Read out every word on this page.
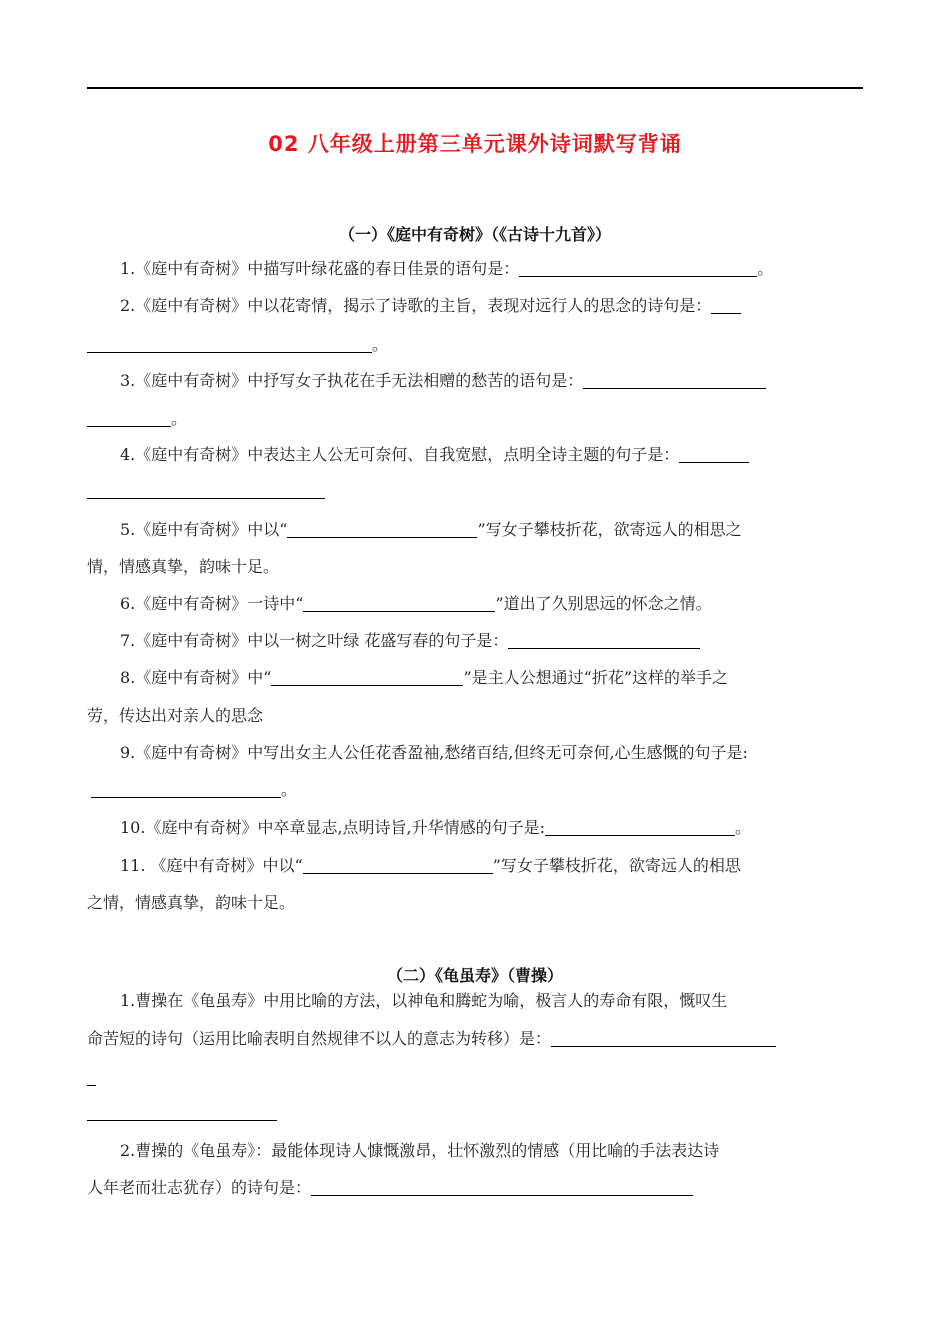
02 八年级上册第三单元课外诗词默写背诵
（一）《庭中有奇树》（《古诗十九首》）
1.《庭中有奇树》中描写叶绿花盛的春日佳景的语句是：	。
2.《庭中有奇树》中以花寄情，揭示了诗歌的主旨，表现对远行人的思念的诗句是：
。
3.《庭中有奇树》中抒写女子执花在手无法相赠的愁苦的语句是：
。
4.《庭中有奇树》中表达主人公无可奈何、自我宽慰，点明全诗主题的句子是：
5.《庭中有奇树》中以“	”写女子攀枝折花，欲寄远人的相思之
情，情感真挚，韵味十足。
6.《庭中有奇树》一诗中“	”道出了久别思远的怀念之情。
7.《庭中有奇树》中以一树之叶绿 花盛写春的句子是：
8.《庭中有奇树》中“	”是主人公想通过“折花”这样的举手之
劳，传达出对亲人的思念
9.《庭中有奇树》中写出女主人公任花香盈袖,愁绪百结,但终无可奈何,心生感慨的句子是:
。
10.《庭中有奇树》中卒章显志,点明诗旨,升华情感的句子是:	。
11. 《庭中有奇树》中以“	”写女子攀枝折花，欲寄远人的相思
之情，情感真挚，韵味十足。
（二）《龟虽寿》（曹操）
1.曹操在《龟虽寿》中用比喻的方法，以神龟和腾蛇为喻，极言人的寿命有限，慨叹生
命苦短的诗句（运用比喻表明自然规律不以人的意志为转移）是：
2.曹操的《龟虽寿》：最能体现诗人慷慨激昂，壮怀激烈的情感（用比喻的手法表达诗
人年老而壮志犹存）的诗句是：
